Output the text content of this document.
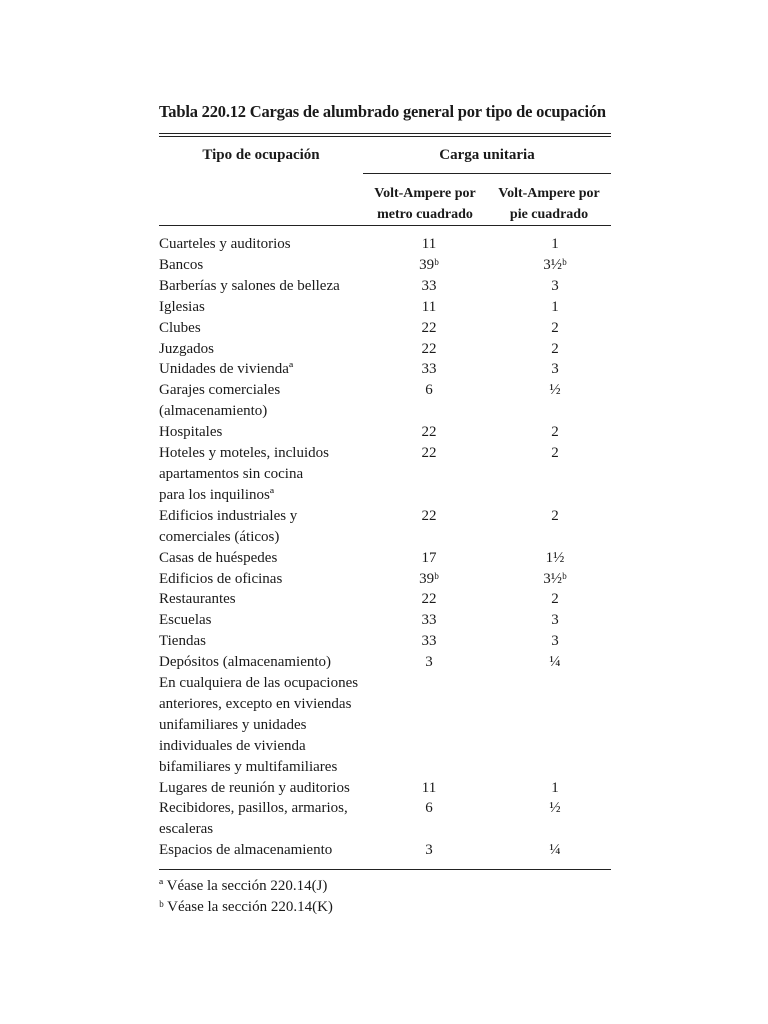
Tabla 220.12 Cargas de alumbrado general por tipo de ocupación
Tipo de ocupación	Carga unitaria
Volt-Ampere por
metro cuadrado
Volt-Ampere por
pie cuadrado
Cuarteles y auditorios	11	1
Bancos	39ᵇ	3½ᵇ
Barberías y salones de belleza	33	3
Iglesias	11	1
Clubes	22	2
Juzgados	22	2
Unidades de viviendaª	33	3
Garajes comerciales
(almacenamiento)
6	½
Hospitales	22	2
Hoteles y moteles, incluidos
apartamentos sin cocina
para los inquilinosª
22	2
Edificios industriales y
comerciales (áticos)
22	2
Casas de huéspedes	17	1½
Edificios de oficinas	39ᵇ	3½ᵇ
Restaurantes	22	2
Escuelas	33	3
Tiendas	33	3
Depósitos (almacenamiento)	3	¼
En cualquiera de las ocupaciones
anteriores, excepto en viviendas
unifamiliares y unidades
individuales de vivienda
bifamiliares y multifamiliares
Lugares de reunión y auditorios	11	1
Recibidores, pasillos, armarios,
escaleras
6	½
Espacios de almacenamiento	3	¼
ª Véase la sección 220.14(J)
ᵇ Véase la sección 220.14(K)
